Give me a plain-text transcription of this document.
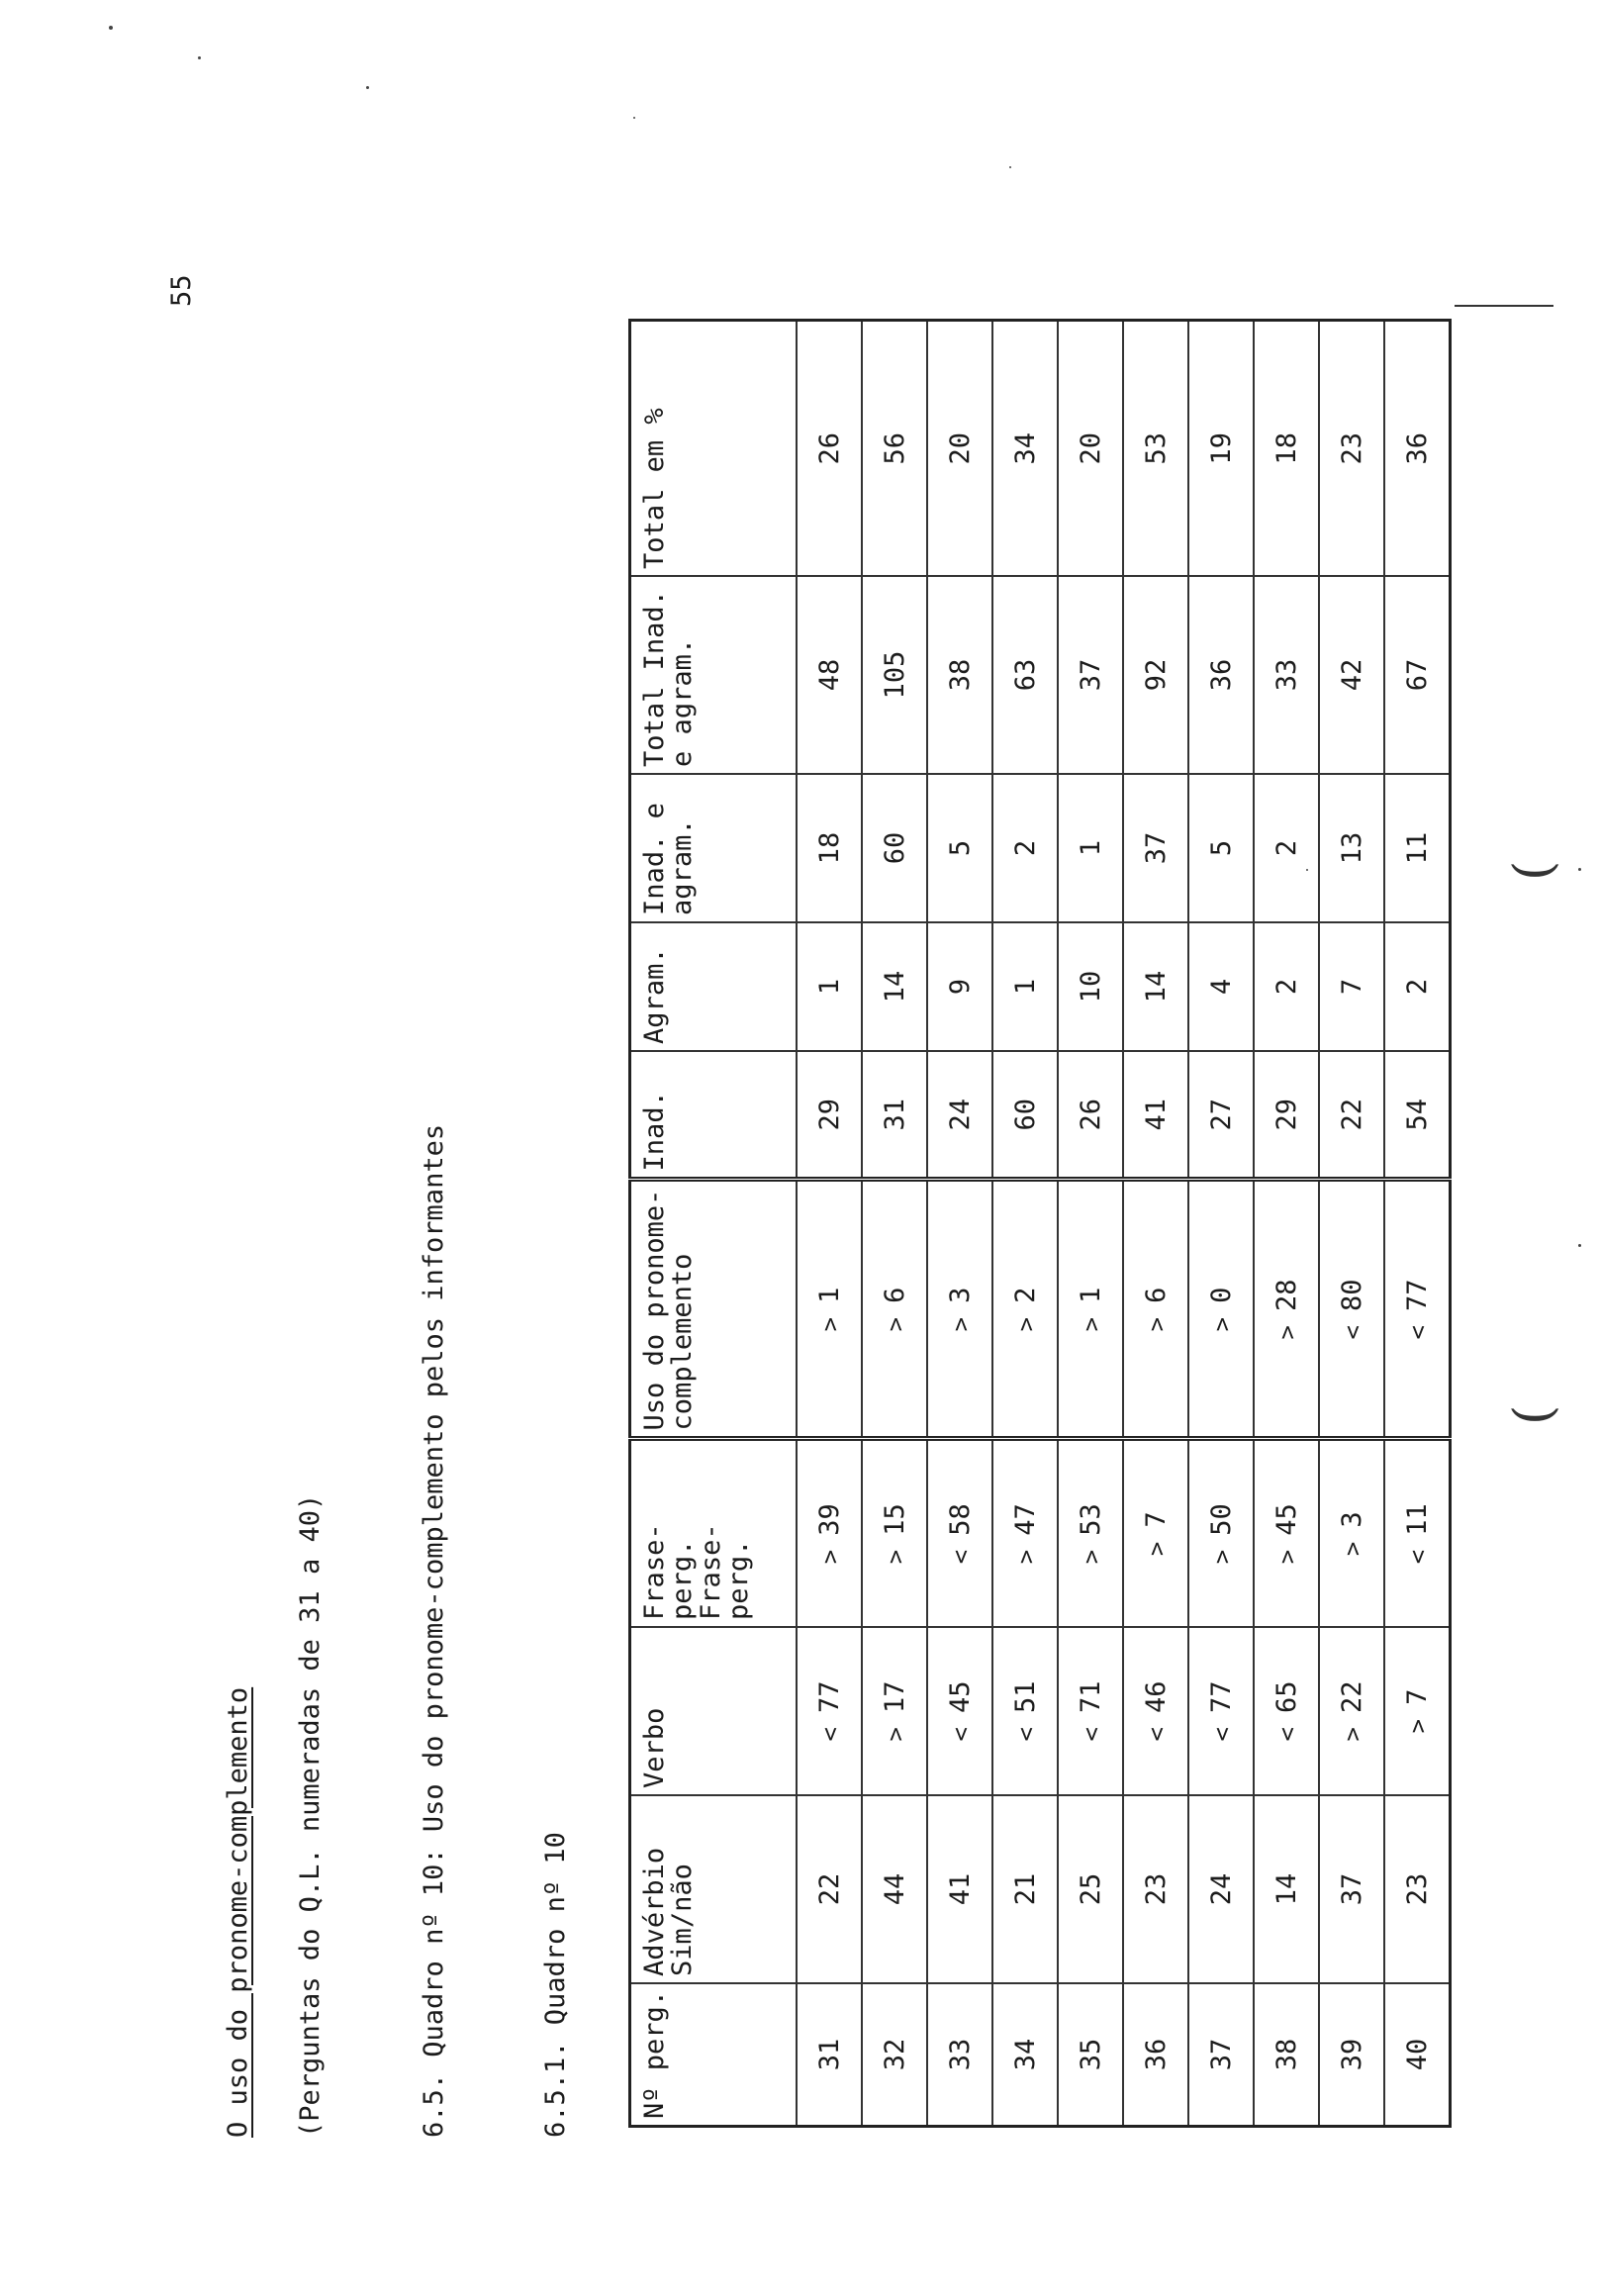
55
O uso do pronome-complemento (Perguntas do Q.L. numeradas de 31 a 40)	6.5. Quadro nº 10: Uso do pronome-complemento pelos informantes	6.5.1. Quadro nº 10	Nº perg.	Advérbio Sim/não	Verbo	Frase-perg. Frase-perg.	Uso do pronome-complemento	Inad.	Agram.	Inad. e agram.	Total Inad. e agram.	Total em %
31	22	<77	>39	>1	29	1	18	48	26
32	44	>17	>15	>6	31	14	60	105	56
33	41	<45	<58	>3	24	9	5	38	20
34	21	<51	>47	>2	60	1	2	63	34
35	25	<71	>53	>1	26	10	1	37	20
36	23	<46	>7	>6	41	14	37	92	53
37	24	<77	>50	>0	27	4	5	36	19
38	14	<65	>45	>28	29	2	2	33	18
39	37	>22	>3	<80	22	7	13	42	23
40	23	>7	<11	<77	54	2	11	67	36
(
(
